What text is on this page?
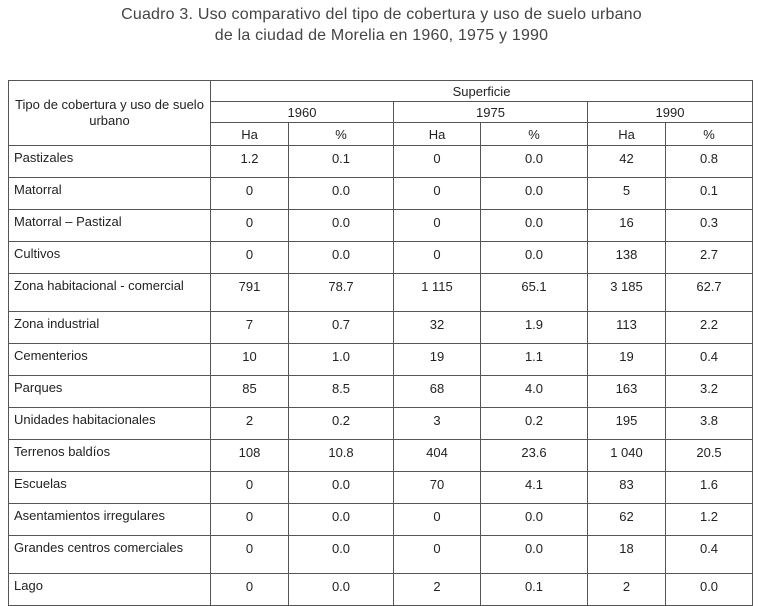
Cuadro 3. Uso comparativo del tipo de cobertura y uso de suelo urbano
de la ciudad de Morelia en 1960, 1975 y 1990
Tipo de cobertura y uso de suelo urbano	Superficie					
	1960		1975		1990	
	Ha	%	Ha	%	Ha	%
Pastizales	1.2	0.1	0	0.0	42	0.8
Matorral	0	0.0	0	0.0	5	0.1
Matorral – Pastizal	0	0.0	0	0.0	16	0.3
Cultivos	0	0.0	0	0.0	138	2.7
Zona habitacional - comercial	791	78.7	1 115	65.1	3 185	62.7
Zona industrial	7	0.7	32	1.9	113	2.2
Cementerios	10	1.0	19	1.1	19	0.4
Parques	85	8.5	68	4.0	163	3.2
Unidades habitacionales	2	0.2	3	0.2	195	3.8
Terrenos baldíos	108	10.8	404	23.6	1 040	20.5
Escuelas	0	0.0	70	4.1	83	1.6
Asentamientos irregulares	0	0.0	0	0.0	62	1.2
Grandes centros comerciales	0	0.0	0	0.0	18	0.4
Lago	0	0.0	2	0.1	2	0.0
